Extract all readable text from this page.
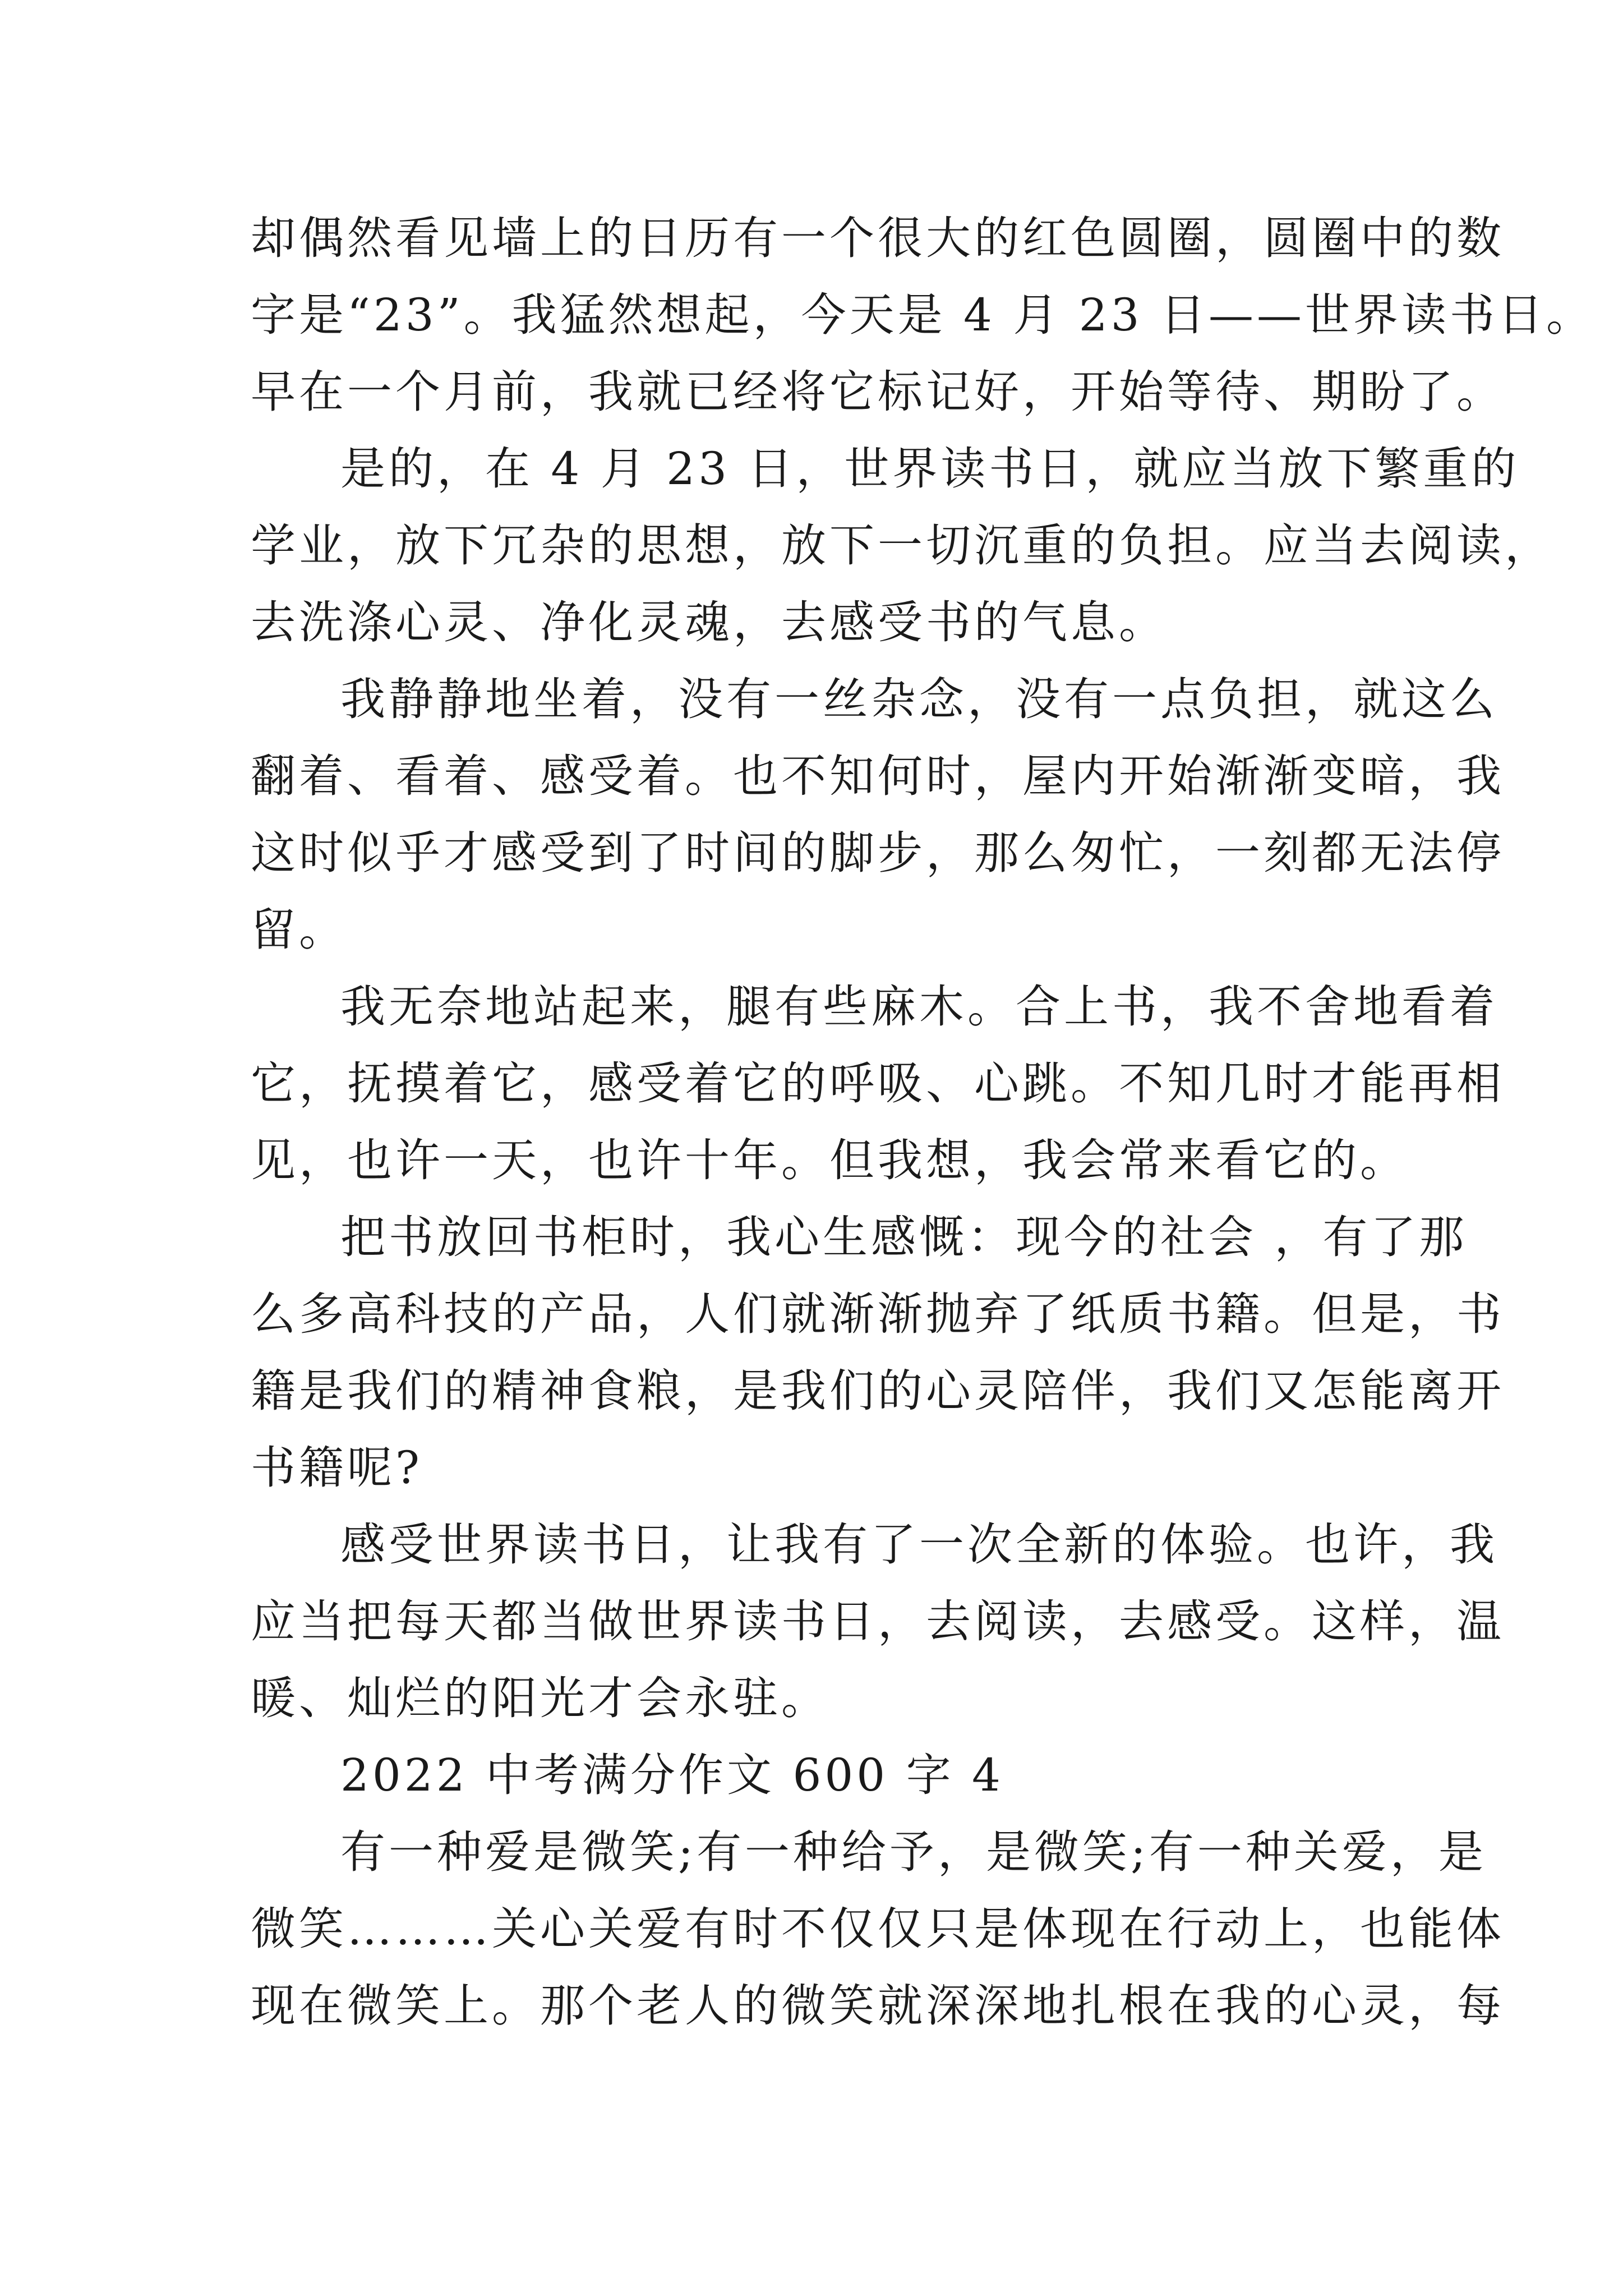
却偶然看见墙上的日历有一个很大的红色圆圈，圆圈中的数
字是“23”。我猛然想起，今天是 4 月 23 日——世界读书日。
早在一个月前，我就已经将它标记好，开始等待、期盼了。

是的，在 4 月 23 日，世界读书日，就应当放下繁重的
学业，放下冗杂的思想，放下一切沉重的负担。应当去阅读，
去洗涤心灵、净化灵魂，去感受书的气息。

我静静地坐着，没有一丝杂念，没有一点负担，就这么
翻着、看着、感受着。也不知何时，屋内开始渐渐变暗，我
这时似乎才感受到了时间的脚步，那么匆忙，一刻都无法停
留。

我无奈地站起来，腿有些麻木。合上书，我不舍地看着
它，抚摸着它，感受着它的呼吸、心跳。不知几时才能再相
见，也许一天，也许十年。但我想，我会常来看它的。

把书放回书柜时，我心生感慨：现今的社会 ，有了那
么多高科技的产品，人们就渐渐抛弃了纸质书籍。但是，书
籍是我们的精神食粮，是我们的心灵陪伴，我们又怎能离开
书籍呢?

感受世界读书日，让我有了一次全新的体验。也许，我
应当把每天都当做世界读书日，去阅读，去感受。这样，温
暖、灿烂的阳光才会永驻。

2022 中考满分作文 600 字 4

有一种爱是微笑;有一种给予，是微笑;有一种关爱，是
微笑………关心关爱有时不仅仅只是体现在行动上，也能体
现在微笑上。那个老人的微笑就深深地扎根在我的心灵，每
